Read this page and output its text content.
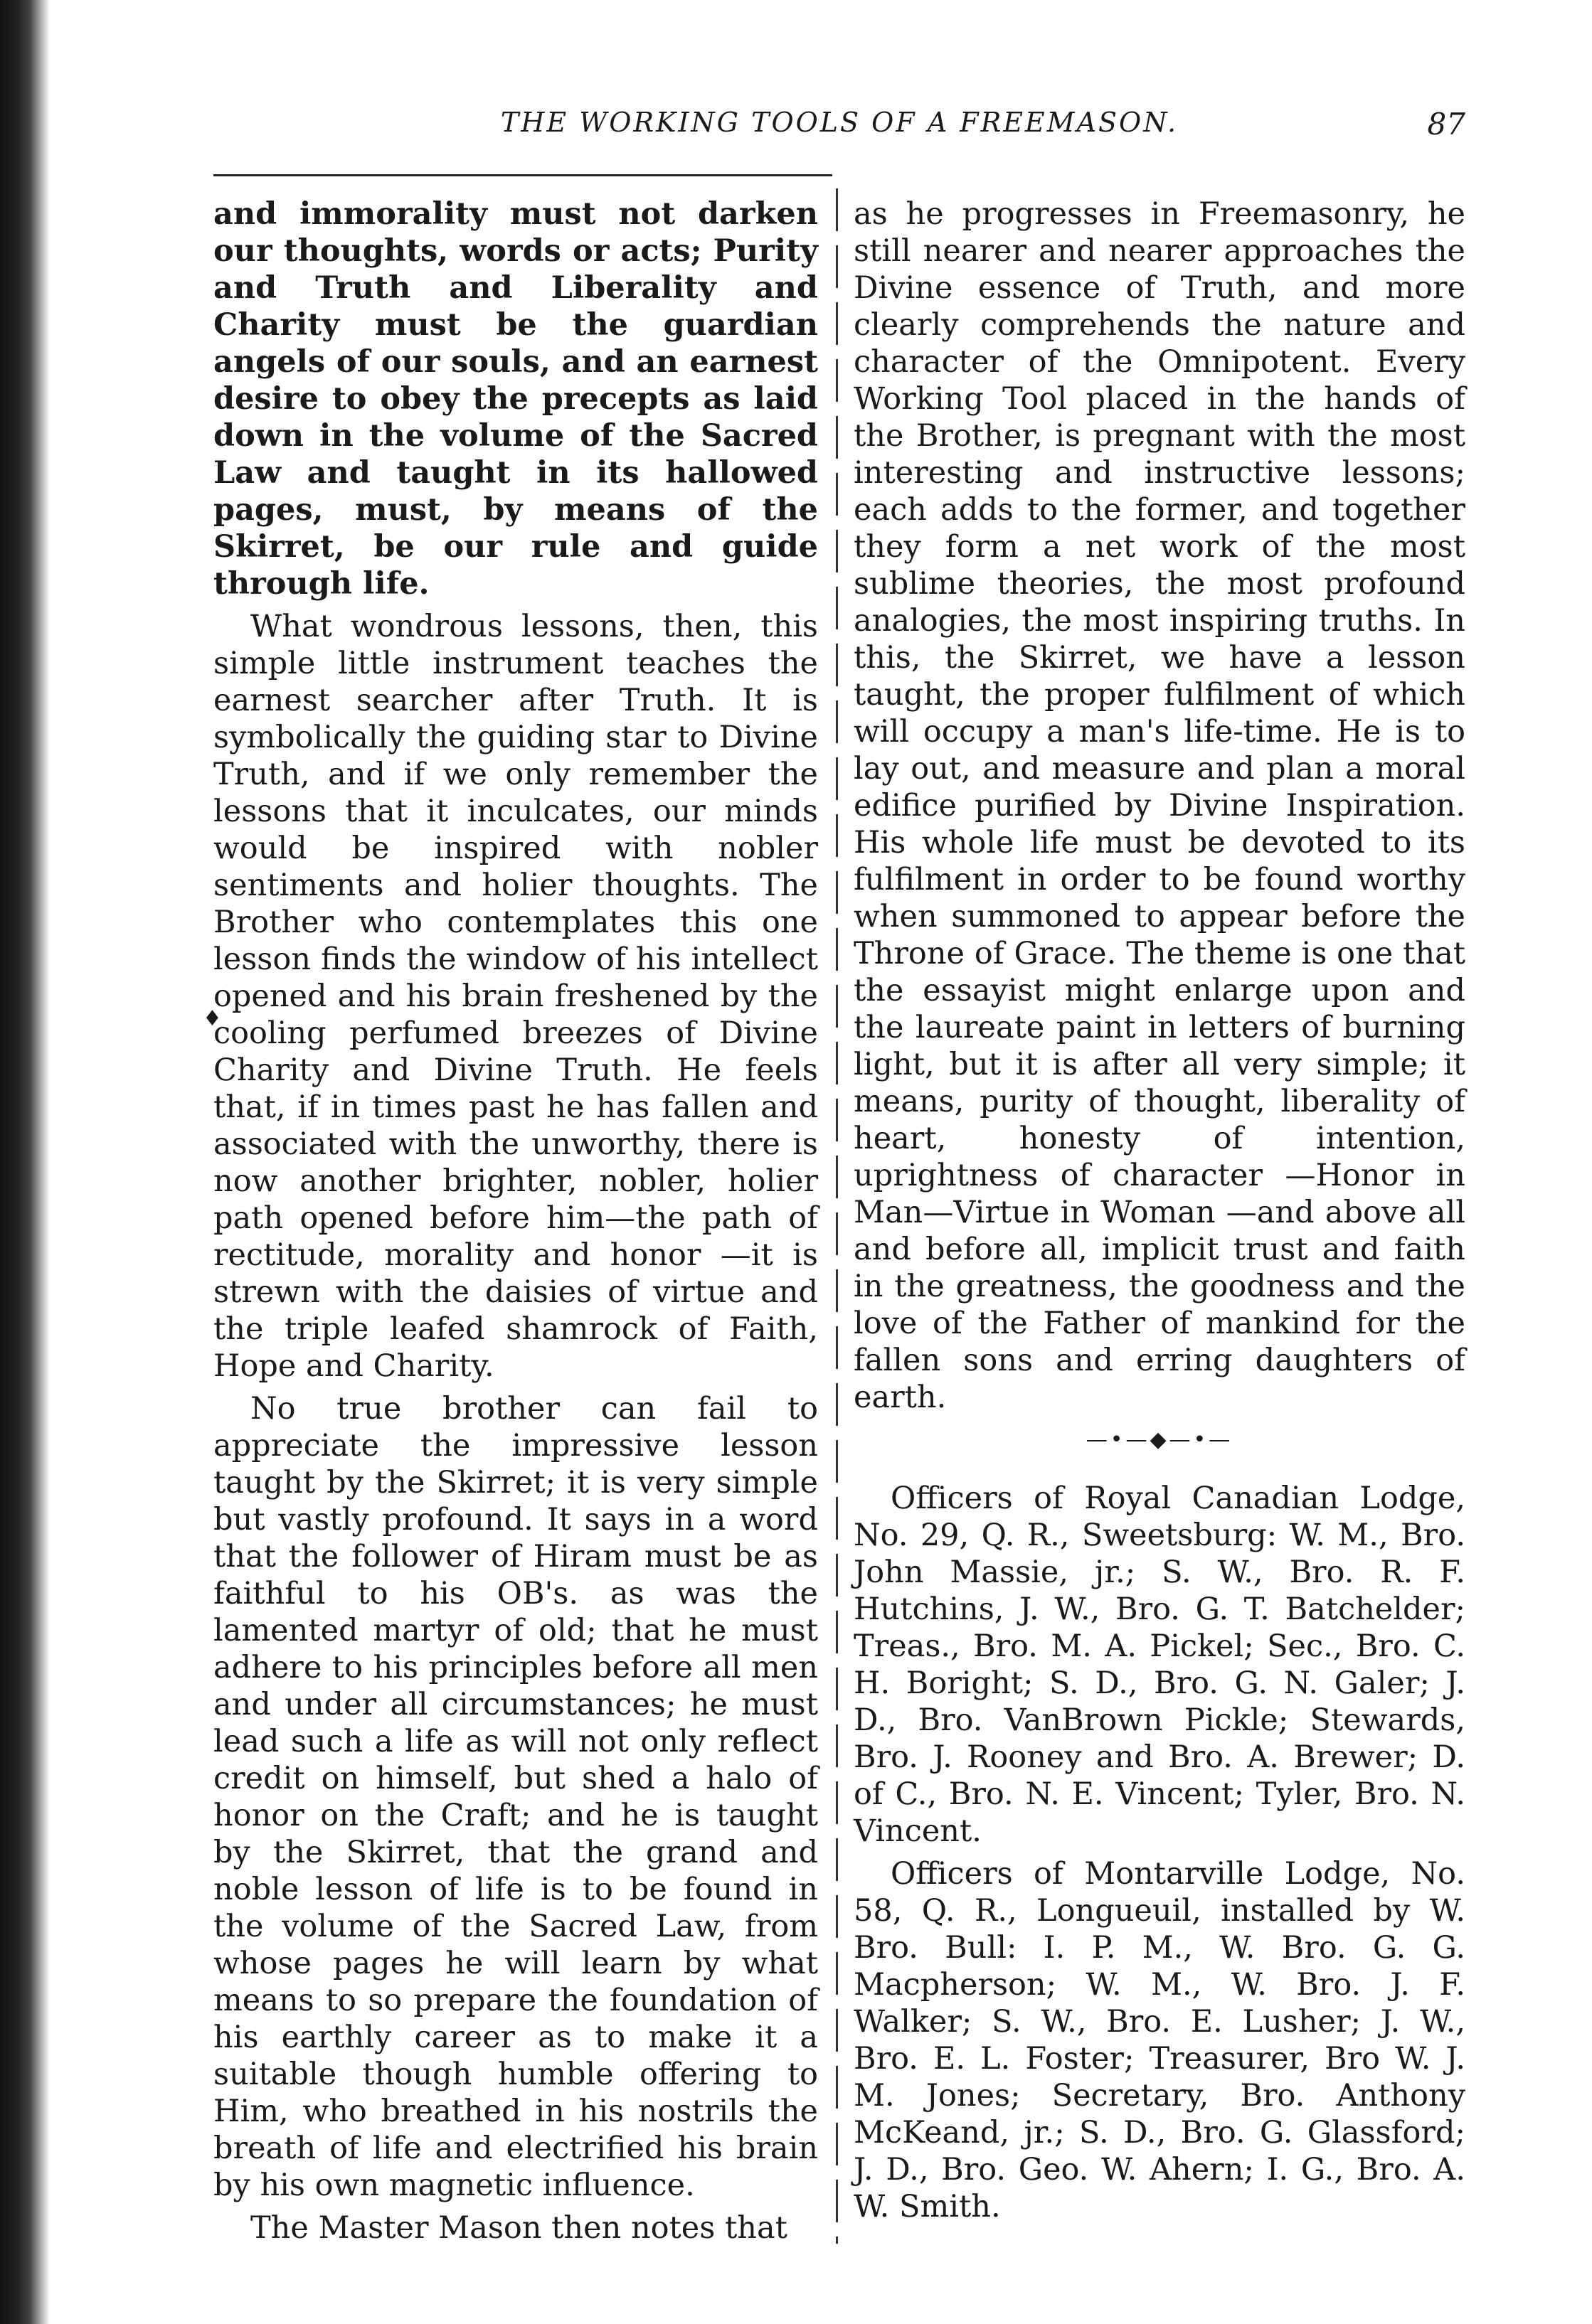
THE WORKING TOOLS OF A FREEMASON.	87
♦

and immorality must not darken our thoughts, words or acts; Purity and Truth and Liberality and Charity must be the guardian angels of our souls, and an earnest desire to obey the precepts as laid down in the volume of the Sacred Law and taught in its hallowed pages, must, by means of the Skirret, be our rule and guide through life.

What wondrous lessons, then, this simple little instrument teaches the earnest searcher after Truth. It is symbolically the guiding star to Divine Truth, and if we only remember the lessons that it inculcates, our minds would be inspired with nobler sentiments and holier thoughts. The Brother who contemplates this one lesson finds the window of his intellect opened and his brain freshened by the cooling perfumed breezes of Divine Charity and Divine Truth. He feels that, if in times past he has fallen and associated with the unworthy, there is now another brighter, nobler, holier path opened before him—the path of rectitude, morality and honor —it is strewn with the daisies of virtue and the triple leafed shamrock of Faith, Hope and Charity.

No true brother can fail to appreciate the impressive lesson taught by the Skirret; it is very simple but vastly profound. It says in a word that the follower of Hiram must be as faithful to his OB's. as was the lamented martyr of old; that he must adhere to his principles before all men and under all circumstances; he must lead such a life as will not only reflect credit on himself, but shed a halo of honor on the Craft; and he is taught by the Skirret, that the grand and noble lesson of life is to be found in the volume of the Sacred Law, from whose pages he will learn by what means to so prepare the foundation of his earthly career as to make it a suitable though humble offering to Him, who breathed in his nostrils the breath of life and electrified his brain by his own magnetic influence.

The Master Mason then notes that

as he progresses in Freemasonry, he still nearer and nearer approaches the Divine essence of Truth, and more clearly comprehends the nature and character of the Omnipotent. Every Working Tool placed in the hands of the Brother, is pregnant with the most interesting and instructive lessons; each adds to the former, and together they form a net work of the most sublime theories, the most profound analogies, the most inspiring truths. In this, the Skirret, we have a lesson taught, the proper fulfilment of which will occupy a man's life-time. He is to lay out, and measure and plan a moral edifice purified by Divine Inspiration. His whole life must be devoted to its fulfilment in order to be found worthy when summoned to appear before the Throne of Grace. The theme is one that the essayist might enlarge upon and the laureate paint in letters of burning light, but it is after all very simple; it means, purity of thought, liberality of heart, honesty of intention, uprightness of character —Honor in Man—Virtue in Woman —and above all and before all, implicit trust and faith in the greatness, the goodness and the love of the Father of mankind for the fallen sons and erring daughters of earth.

—•—◆—•—

Officers of Royal Canadian Lodge, No. 29, Q. R., Sweetsburg: W. M., Bro. John Massie, jr.; S. W., Bro. R. F. Hutchins, J. W., Bro. G. T. Batchelder; Treas., Bro. M. A. Pickel; Sec., Bro. C. H. Boright; S. D., Bro. G. N. Galer; J. D., Bro. VanBrown Pickle; Stewards, Bro. J. Rooney and Bro. A. Brewer; D. of C., Bro. N. E. Vincent; Tyler, Bro. N. Vincent.

Officers of Montarville Lodge, No. 58, Q. R., Longueuil, installed by W. Bro. Bull: I. P. M., W. Bro. G. G. Macpherson; W. M., W. Bro. J. F. Walker; S. W., Bro. E. Lusher; J. W., Bro. E. L. Foster; Treasurer, Bro W. J. M. Jones; Secretary, Bro. Anthony McKeand, jr.; S. D., Bro. G. Glassford; J. D., Bro. Geo. W. Ahern; I. G., Bro. A. W. Smith.
